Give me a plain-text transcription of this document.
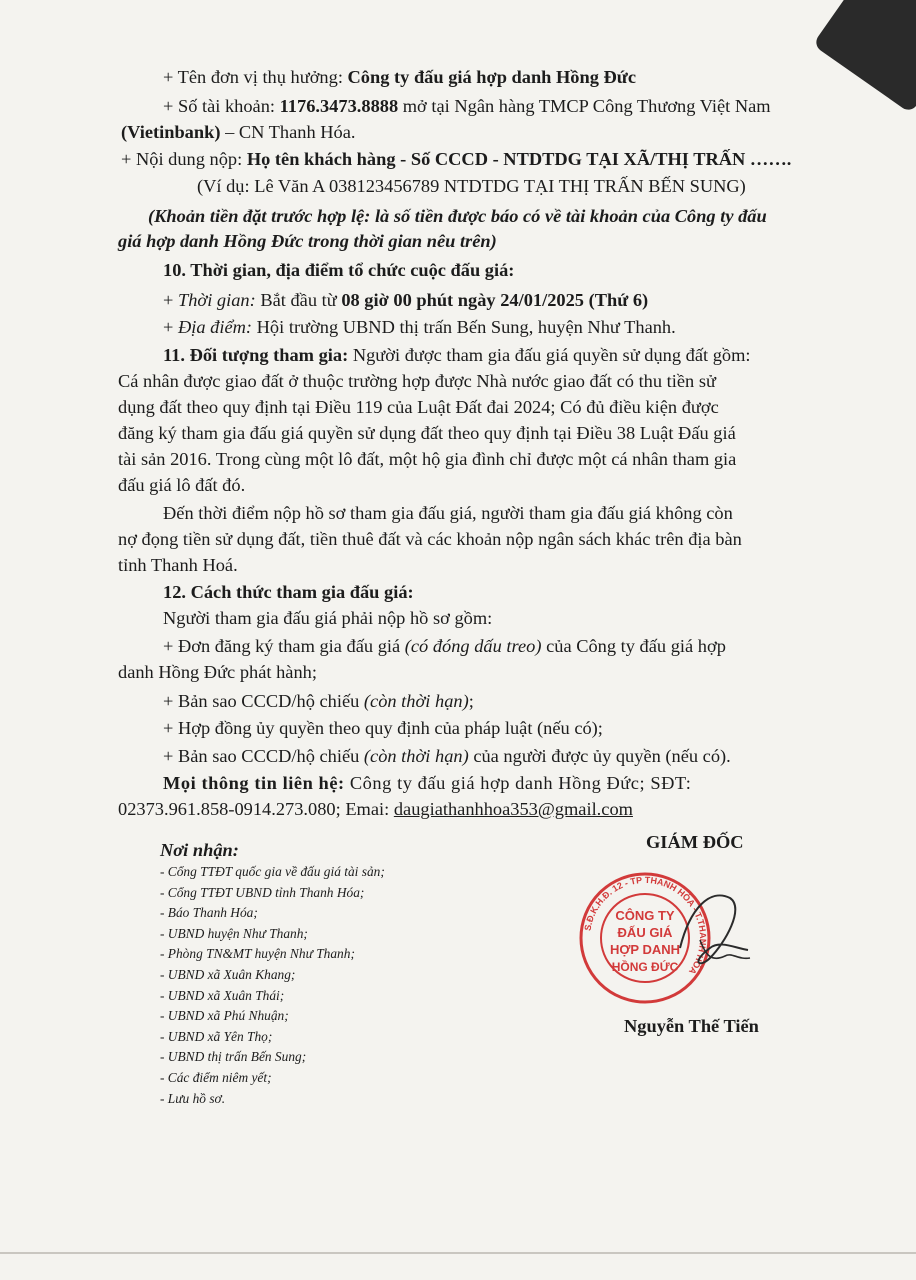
+ Tên đơn vị thụ hưởng: Công ty đấu giá hợp danh Hồng Đức
+ Số tài khoản: 1176.3473.8888 mở tại Ngân hàng TMCP Công Thương Việt Nam
(Vietinbank) – CN Thanh Hóa.
+ Nội dung nộp: Họ tên khách hàng - Số CCCD - NTDTDG TẠI XÃ/THỊ TRẤN …….
(Ví dụ: Lê Văn A 038123456789 NTDTDG TẠI THỊ TRẤN BẾN SUNG)
(Khoản tiền đặt trước hợp lệ: là số tiền được báo có về tài khoản của Công ty đấu
giá hợp danh Hồng Đức trong thời gian nêu trên)
10. Thời gian, địa điểm tổ chức cuộc đấu giá:
+ Thời gian: Bắt đầu từ 08 giờ 00 phút ngày 24/01/2025 (Thứ 6)
+ Địa điểm: Hội trường UBND thị trấn Bến Sung, huyện Như Thanh.
11. Đối tượng tham gia: Người được tham gia đấu giá quyền sử dụng đất gồm:
Cá nhân được giao đất ở thuộc trường hợp được Nhà nước giao đất có thu tiền sử
dụng đất theo quy định tại Điều 119 của Luật Đất đai 2024; Có đủ điều kiện được
đăng ký tham gia đấu giá quyền sử dụng đất theo quy định tại Điều 38 Luật Đấu giá
tài sản 2016. Trong cùng một lô đất, một hộ gia đình chỉ được một cá nhân tham gia
đấu giá lô đất đó.
Đến thời điểm nộp hồ sơ tham gia đấu giá, người tham gia đấu giá không còn
nợ đọng tiền sử dụng đất, tiền thuê đất và các khoản nộp ngân sách khác trên địa bàn
tỉnh Thanh Hoá.
12. Cách thức tham gia đấu giá:
Người tham gia đấu giá phải nộp hồ sơ gồm:
+ Đơn đăng ký tham gia đấu giá (có đóng dấu treo) của Công ty đấu giá hợp
danh Hồng Đức phát hành;
+ Bản sao CCCD/hộ chiếu (còn thời hạn);
+ Hợp đồng ủy quyền theo quy định của pháp luật (nếu có);
+ Bản sao CCCD/hộ chiếu (còn thời hạn) của người được ủy quyền (nếu có).
Mọi thông tin liên hệ: Công ty đấu giá hợp danh Hồng Đức; SĐT:
02373.961.858-0914.273.080; Emai: daugiathanhhoa353@gmail.com
Nơi nhận:
- Cổng TTĐT quốc gia về đấu giá tài sản;
- Cổng TTĐT UBND tỉnh Thanh Hóa;
- Báo Thanh Hóa;
- UBND huyện Như Thanh;
- Phòng TN&MT huyện Như Thanh;
- UBND xã Xuân Khang;
- UBND xã Xuân Thái;
- UBND xã Phú Nhuận;
- UBND xã Yên Thọ;
- UBND thị trấn Bến Sung;
- Các điểm niêm yết;
- Lưu hồ sơ.
GIÁM ĐỐC
S.Đ.K.H.Đ. 12 - TP THANH HÓA - T.THANH HÓA
CÔNG TY
ĐẤU GIÁ
HỢP DANH
HỒNG ĐỨC
Nguyễn Thế Tiến
